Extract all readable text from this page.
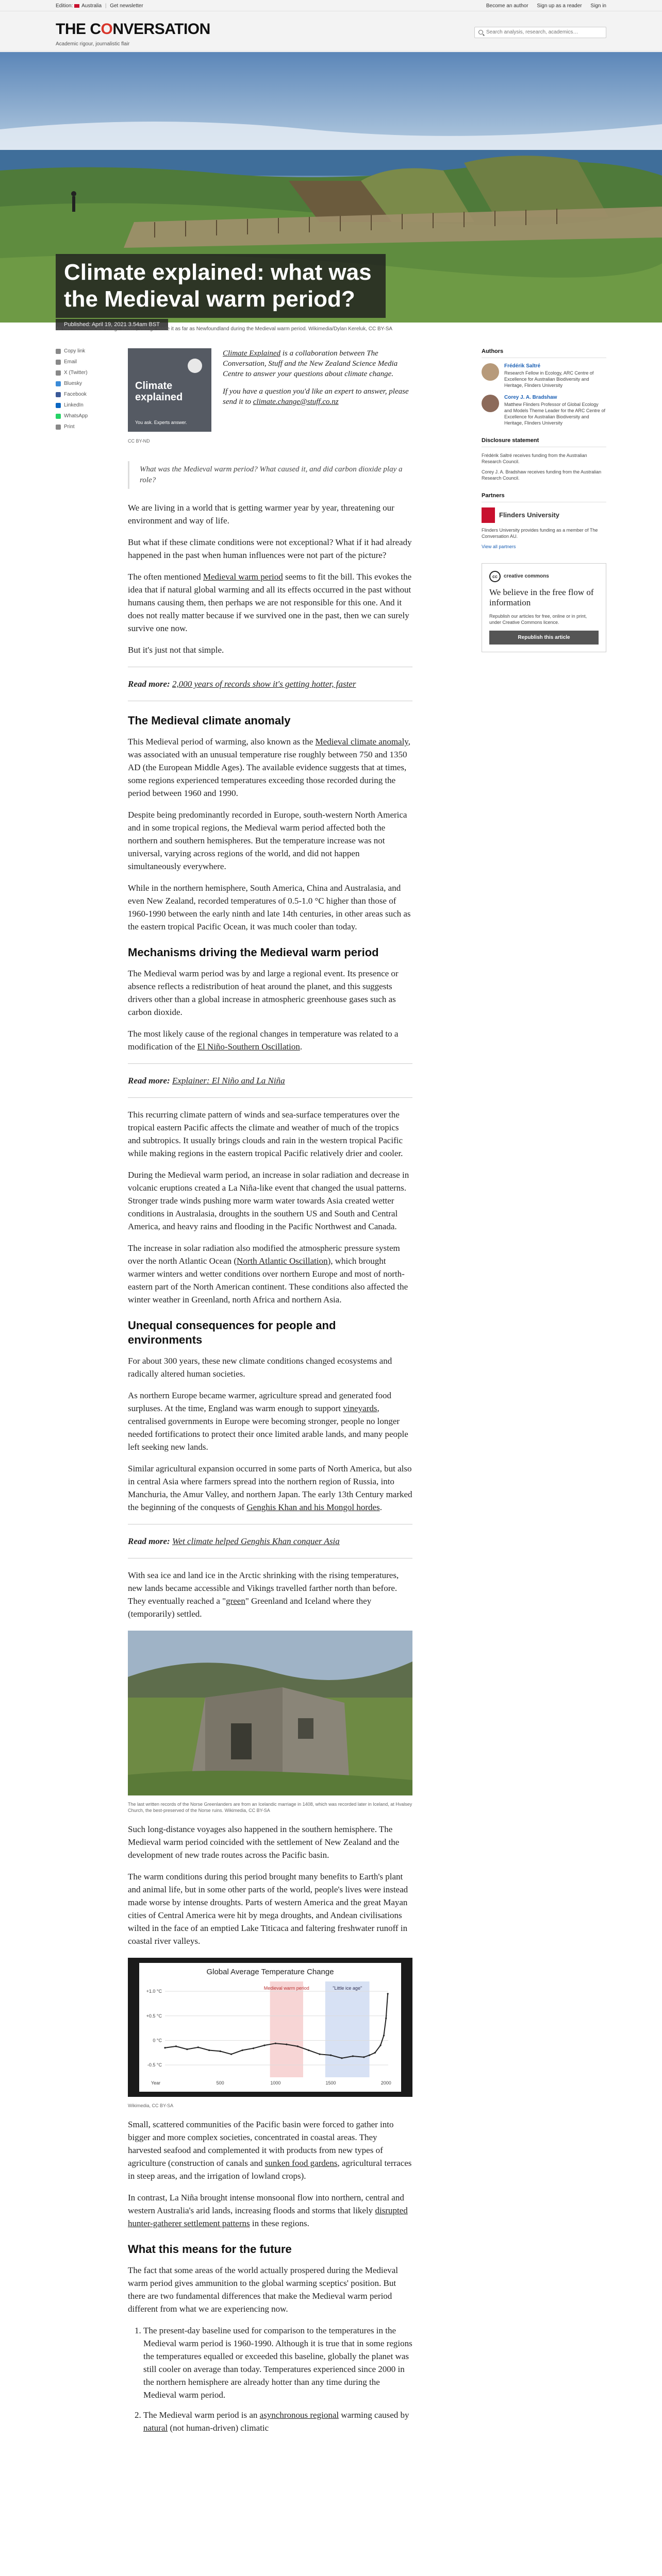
Edition: Australia | Get newsletter	Become an author Sign up as a reader Sign in
THE CONVERSATION
Academic rigour, journalistic flair
Search analysis, research, academics…
Climate explained: what was the Medieval warm period?
Published: April 19, 2021 3.54am BST
As this reconstructed village shows, Vikings made it as far as Newfoundland during the Medieval warm period. Wikimedia/Dylan Kereluk, CC BY-SA
Copy link
Email
X (Twitter)
Bluesky
Facebook
LinkedIn
WhatsApp
Print
Climate explained
You ask. Experts answer.

Climate Explained is a collaboration between The Conversation, Stuff and the New Zealand Science Media Centre to answer your questions about climate change.

If you have a question you'd like an expert to answer, please send it to climate.change@stuff.co.nz

CC BY-ND
What was the Medieval warm period? What caused it, and did carbon dioxide play a role?

We are living in a world that is getting warmer year by year, threatening our environment and way of life.

But what if these climate conditions were not exceptional? What if it had already happened in the past when human influences were not part of the picture?

The often mentioned Medieval warm period seems to fit the bill. This evokes the idea that if natural global warming and all its effects occurred in the past without humans causing them, then perhaps we are not responsible for this one. And it does not really matter because if we survived one in the past, then we can surely survive one now.

But it's just not that simple.

Read more: 2,000 years of records show it's getting hotter, faster

The Medieval climate anomaly

This Medieval period of warming, also known as the Medieval climate anomaly, was associated with an unusual temperature rise roughly between 750 and 1350 AD (the European Middle Ages). The available evidence suggests that at times, some regions experienced temperatures exceeding those recorded during the period between 1960 and 1990.

Despite being predominantly recorded in Europe, south-western North America and in some tropical regions, the Medieval warm period affected both the northern and southern hemispheres. But the temperature increase was not universal, varying across regions of the world, and did not happen simultaneously everywhere.

While in the northern hemisphere, South America, China and Australasia, and even New Zealand, recorded temperatures of 0.5-1.0 °C higher than those of 1960-1990 between the early ninth and late 14th centuries, in other areas such as the eastern tropical Pacific Ocean, it was much cooler than today.

Mechanisms driving the Medieval warm period

The Medieval warm period was by and large a regional event. Its presence or absence reflects a redistribution of heat around the planet, and this suggests drivers other than a global increase in atmospheric greenhouse gases such as carbon dioxide.

The most likely cause of the regional changes in temperature was related to a modification of the El Niño-Southern Oscillation.

Read more: Explainer: El Niño and La Niña

This recurring climate pattern of winds and sea-surface temperatures over the tropical eastern Pacific affects the climate and weather of much of the tropics and subtropics. It usually brings clouds and rain in the western tropical Pacific while making regions in the eastern tropical Pacific relatively drier and cooler.

During the Medieval warm period, an increase in solar radiation and decrease in volcanic eruptions created a La Niña-like event that changed the usual patterns. Stronger trade winds pushing more warm water towards Asia created wetter conditions in Australasia, droughts in the southern US and South and Central America, and heavy rains and flooding in the Pacific Northwest and Canada.

The increase in solar radiation also modified the atmospheric pressure system over the north Atlantic Ocean (North Atlantic Oscillation), which brought warmer winters and wetter conditions over northern Europe and most of north-eastern part of the North American continent. These conditions also affected the winter weather in Greenland, north Africa and northern Asia.

Unequal consequences for people and environments

For about 300 years, these new climate conditions changed ecosystems and radically altered human societies.

As northern Europe became warmer, agriculture spread and generated food surpluses. At the time, England was warm enough to support vineyards, centralised governments in Europe were becoming stronger, people no longer needed fortifications to protect their once limited arable lands, and many people left seeking new lands.

Similar agricultural expansion occurred in some parts of North America, but also in central Asia where farmers spread into the northern region of Russia, into Manchuria, the Amur Valley, and northern Japan. The early 13th Century marked the beginning of the conquests of Genghis Khan and his Mongol hordes.

Read more: Wet climate helped Genghis Khan conquer Asia

With sea ice and land ice in the Arctic shrinking with the rising temperatures, new lands became accessible and Vikings travelled farther north than before. They eventually reached a "green" Greenland and Iceland where they (temporarily) settled.

The last written records of the Norse Greenlanders are from an Icelandic marriage in 1408, which was recorded later in Iceland, at Hvalsey Church, the best-preserved of the Norse ruins. Wikimedia, CC BY-SA

Such long-distance voyages also happened in the southern hemisphere. The Medieval warm period coincided with the settlement of New Zealand and the development of new trade routes across the Pacific basin.

The warm conditions during this period brought many benefits to Earth's plant and animal life, but in some other parts of the world, people's lives were instead made worse by intense droughts. Parts of western America and the great Mayan cities of Central America were hit by mega droughts, and Andean civilisations wilted in the face of an emptied Lake Titicaca and faltering freshwater runoff in coastal river valleys.

Global Average Temperature Change
+1.0 °C
+0.5 °C
0 °C
-0.5 °C
Year	500	1000	1500	2000
Medieval warm period	"Little ice age"
Wikimedia, CC BY-SA

Small, scattered communities of the Pacific basin were forced to gather into bigger and more complex societies, concentrated in coastal areas. They harvested seafood and complemented it with products from new types of agriculture (construction of canals and sunken food gardens, agricultural terraces in steep areas, and the irrigation of lowland crops).

In contrast, La Niña brought intense monsoonal flow into northern, central and western Australia's arid lands, increasing floods and storms that likely disrupted hunter-gatherer settlement patterns in these regions.

What this means for the future

The fact that some areas of the world actually prospered during the Medieval warm period gives ammunition to the global warming sceptics' position. But there are two fundamental differences that make the Medieval warm period different from what we are experiencing now.

1. The present-day baseline used for comparison to the temperatures in the Medieval warm period is 1960-1990. Although it is true that in some regions the temperatures equalled or exceeded this baseline, globally the planet was still cooler on average than today. Temperatures experienced since 2000 in the northern hemisphere are already hotter than any time during the Medieval warm period.
2. The Medieval warm period is an asynchronous regional warming caused by natural (not human-driven) climatic
Authors
Frédérik Saltré
Research Fellow in Ecology, ARC Centre of Excellence for Australian Biodiversity and Heritage, Flinders University
Corey J. A. Bradshaw
Matthew Flinders Professor of Global Ecology and Models Theme Leader for the ARC Centre of Excellence for Australian Biodiversity and Heritage, Flinders University
Disclosure statement
Frédérik Saltré receives funding from the Australian Research Council.
Corey J. A. Bradshaw receives funding from the Australian Research Council.
Partners
Flinders University
Flinders University provides funding as a member of The Conversation AU.
View all partners
cc	creative commons
We believe in the free flow of information
Republish our articles for free, online or in print, under Creative Commons licence.
Republish this article
